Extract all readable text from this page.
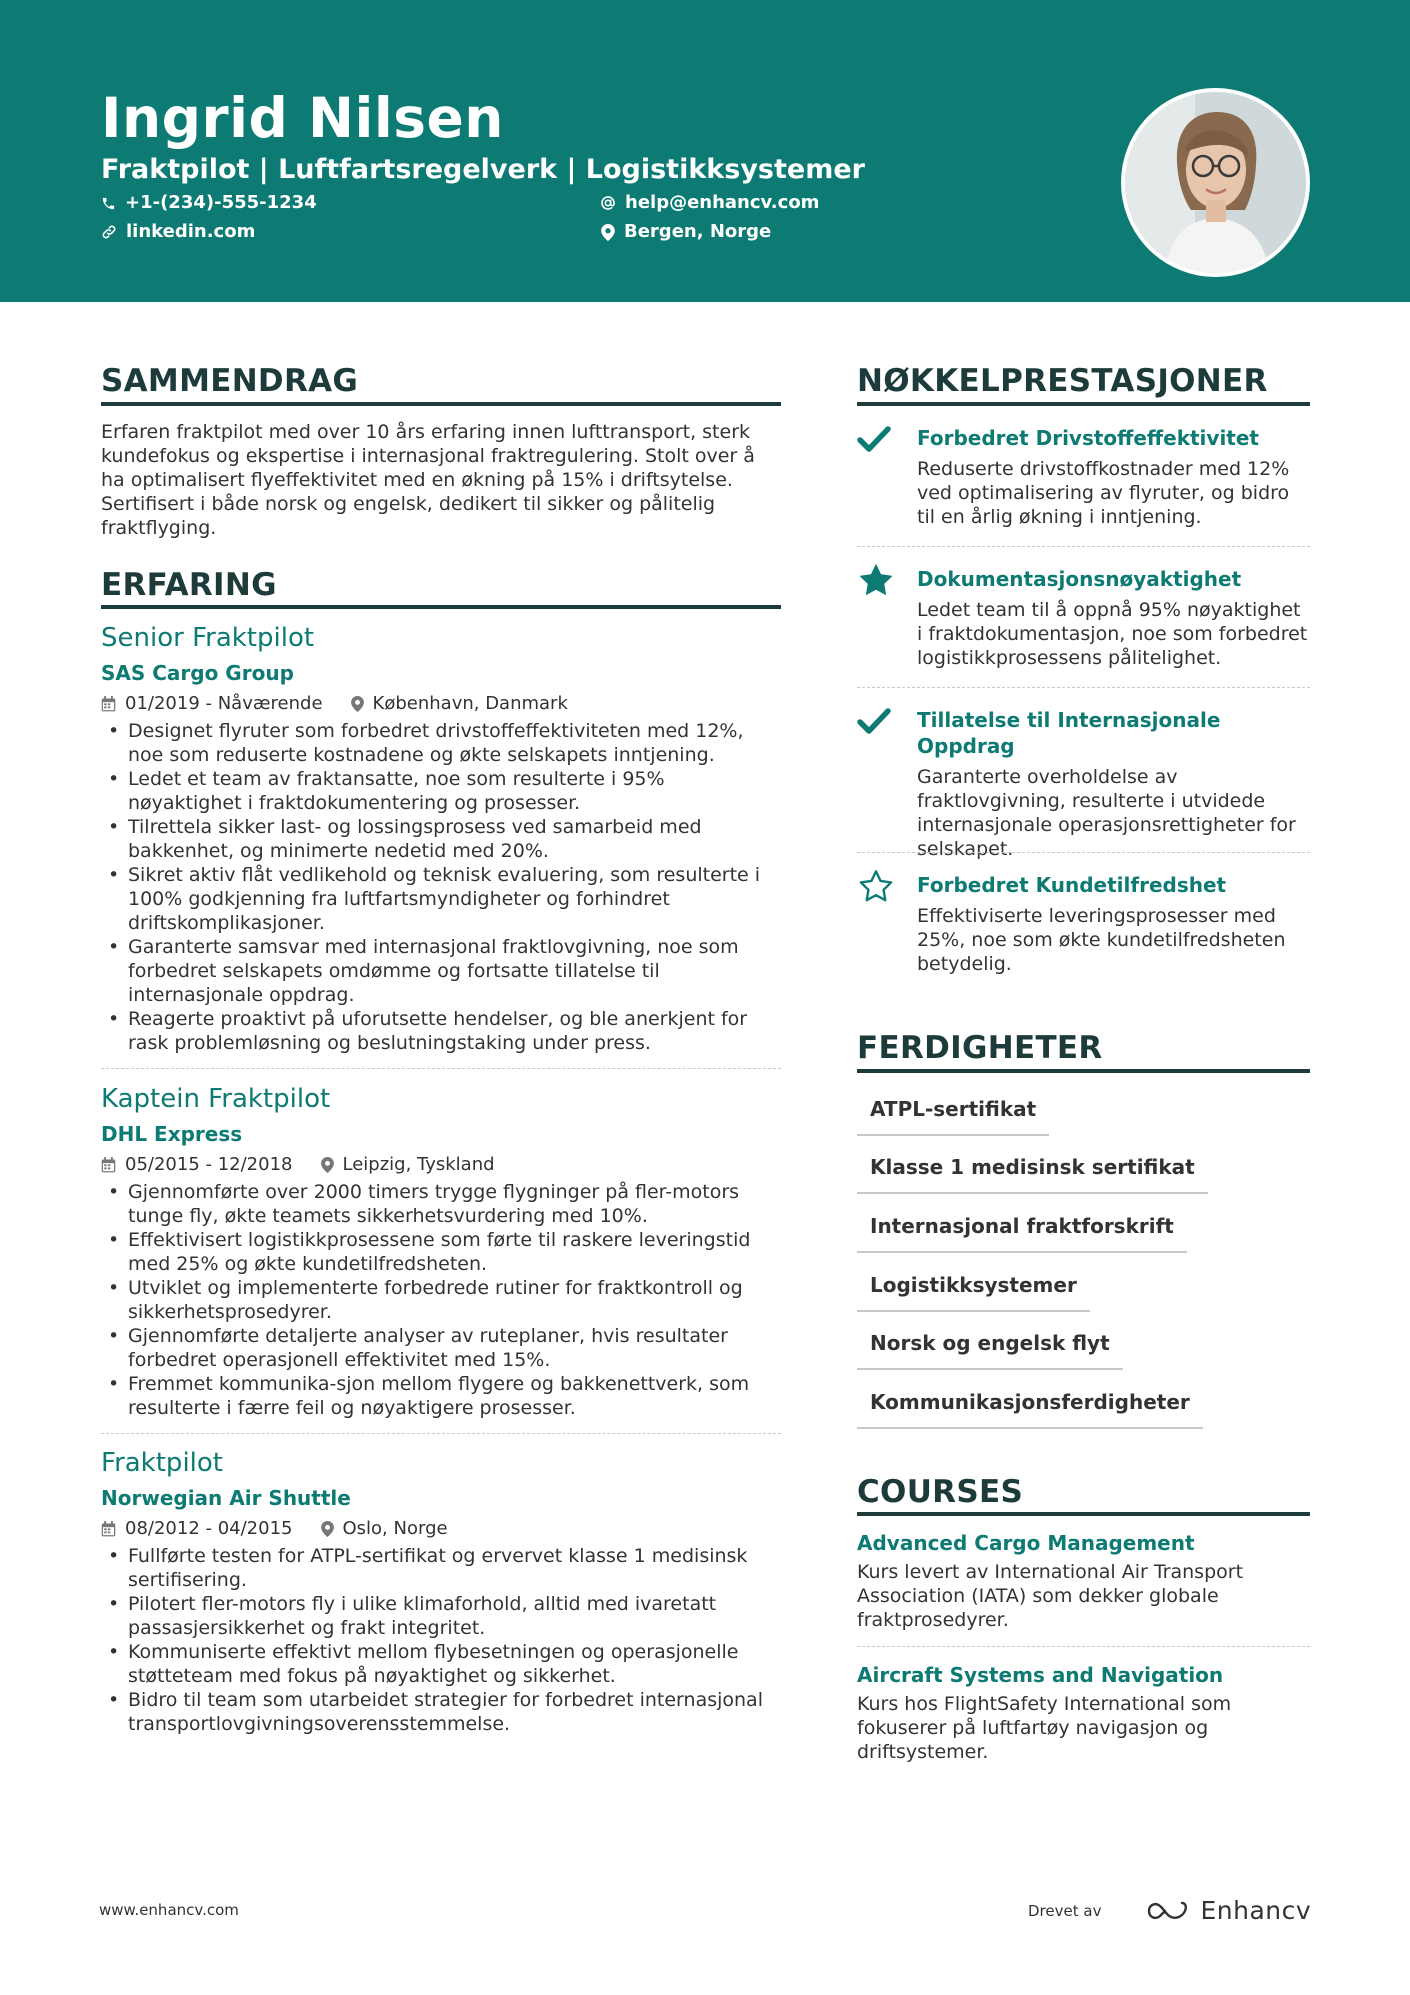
Ingrid Nilsen
Fraktpilot | Luftfartsregelverk | Logistikksystemer
+1-(234)-555-1234	help@enhancv.com
linkedin.com	Bergen, Norge
SAMMENDRAG
Erfaren fraktpilot med over 10 års erfaring innen lufttransport, sterk kundefokus og ekspertise i internasjonal fraktregulering. Stolt over å ha optimalisert flyeffektivitet med en økning på 15% i driftsytelse. Sertifisert i både norsk og engelsk, dedikert til sikker og pålitelig fraktflyging.
ERFARING
Senior Fraktpilot
SAS Cargo Group
01/2019 - Nåværende	København, Danmark
• Designet flyruter som forbedret drivstoffeffektiviteten med 12%, noe som reduserte kostnadene og økte selskapets inntjening.
• Ledet et team av fraktansatte, noe som resulterte i 95% nøyaktighet i fraktdokumentering og prosesser.
• Tilrettela sikker last- og lossingsprosess ved samarbeid med bakkenhet, og minimerte nedetid med 20%.
• Sikret aktiv flåt vedlikehold og teknisk evaluering, som resulterte i 100% godkjenning fra luftfartsmyndigheter og forhindret driftskomplikasjoner.
• Garanterte samsvar med internasjonal fraktlovgivning, noe som forbedret selskapets omdømme og fortsatte tillatelse til internasjonale oppdrag.
• Reagerte proaktivt på uforutsette hendelser, og ble anerkjent for rask problemløsning og beslutningstaking under press.
Kaptein Fraktpilot
DHL Express
05/2015 - 12/2018	Leipzig, Tyskland
• Gjennomførte over 2000 timers trygge flygninger på fler-motors tunge fly, økte teamets sikkerhetsvurdering med 10%.
• Effektivisert logistikkprosessene som førte til raskere leveringstid med 25% og økte kundetilfredsheten.
• Utviklet og implementerte forbedrede rutiner for fraktkontroll og sikkerhetsprosedyrer.
• Gjennomførte detaljerte analyser av ruteplaner, hvis resultater forbedret operasjonell effektivitet med 15%.
• Fremmet kommunika-sjon mellom flygere og bakkenettverk, som resulterte i færre feil og nøyaktigere prosesser.
Fraktpilot
Norwegian Air Shuttle
08/2012 - 04/2015	Oslo, Norge
• Fullførte testen for ATPL-sertifikat og ervervet klasse 1 medisinsk sertifisering.
• Pilotert fler-motors fly i ulike klimaforhold, alltid med ivaretatt passasjersikkerhet og frakt integritet.
• Kommuniserte effektivt mellom flybesetningen og operasjonelle støtteteam med fokus på nøyaktighet og sikkerhet.
• Bidro til team som utarbeidet strategier for forbedret internasjonal transportlovgivningsoverensstemmelse.
NØKKELPRESTASJONER
Forbedret Drivstoffeffektivitet
Reduserte drivstoffkostnader med 12% ved optimalisering av flyruter, og bidro til en årlig økning i inntjening.
Dokumentasjonsnøyaktighet
Ledet team til å oppnå 95% nøyaktighet i fraktdokumentasjon, noe som forbedret logistikkprosessens pålitelighet.
Tillatelse til Internasjonale Oppdrag
Garanterte overholdelse av fraktlovgivning, resulterte i utvidede internasjonale operasjonsrettigheter for selskapet.
Forbedret Kundetilfredshet
Effektiviserte leveringsprosesser med 25%, noe som økte kundetilfredsheten betydelig.
FERDIGHETER
ATPL-sertifikat
Klasse 1 medisinsk sertifikat
Internasjonal fraktforskrift
Logistikksystemer
Norsk og engelsk flyt
Kommunikasjonsferdigheter
COURSES
Advanced Cargo Management
Kurs levert av International Air Transport Association (IATA) som dekker globale fraktprosedyrer.
Aircraft Systems and Navigation
Kurs hos FlightSafety International som fokuserer på luftfartøy navigasjon og driftsystemer.
www.enhancv.com	Drevet av	Enhancv
